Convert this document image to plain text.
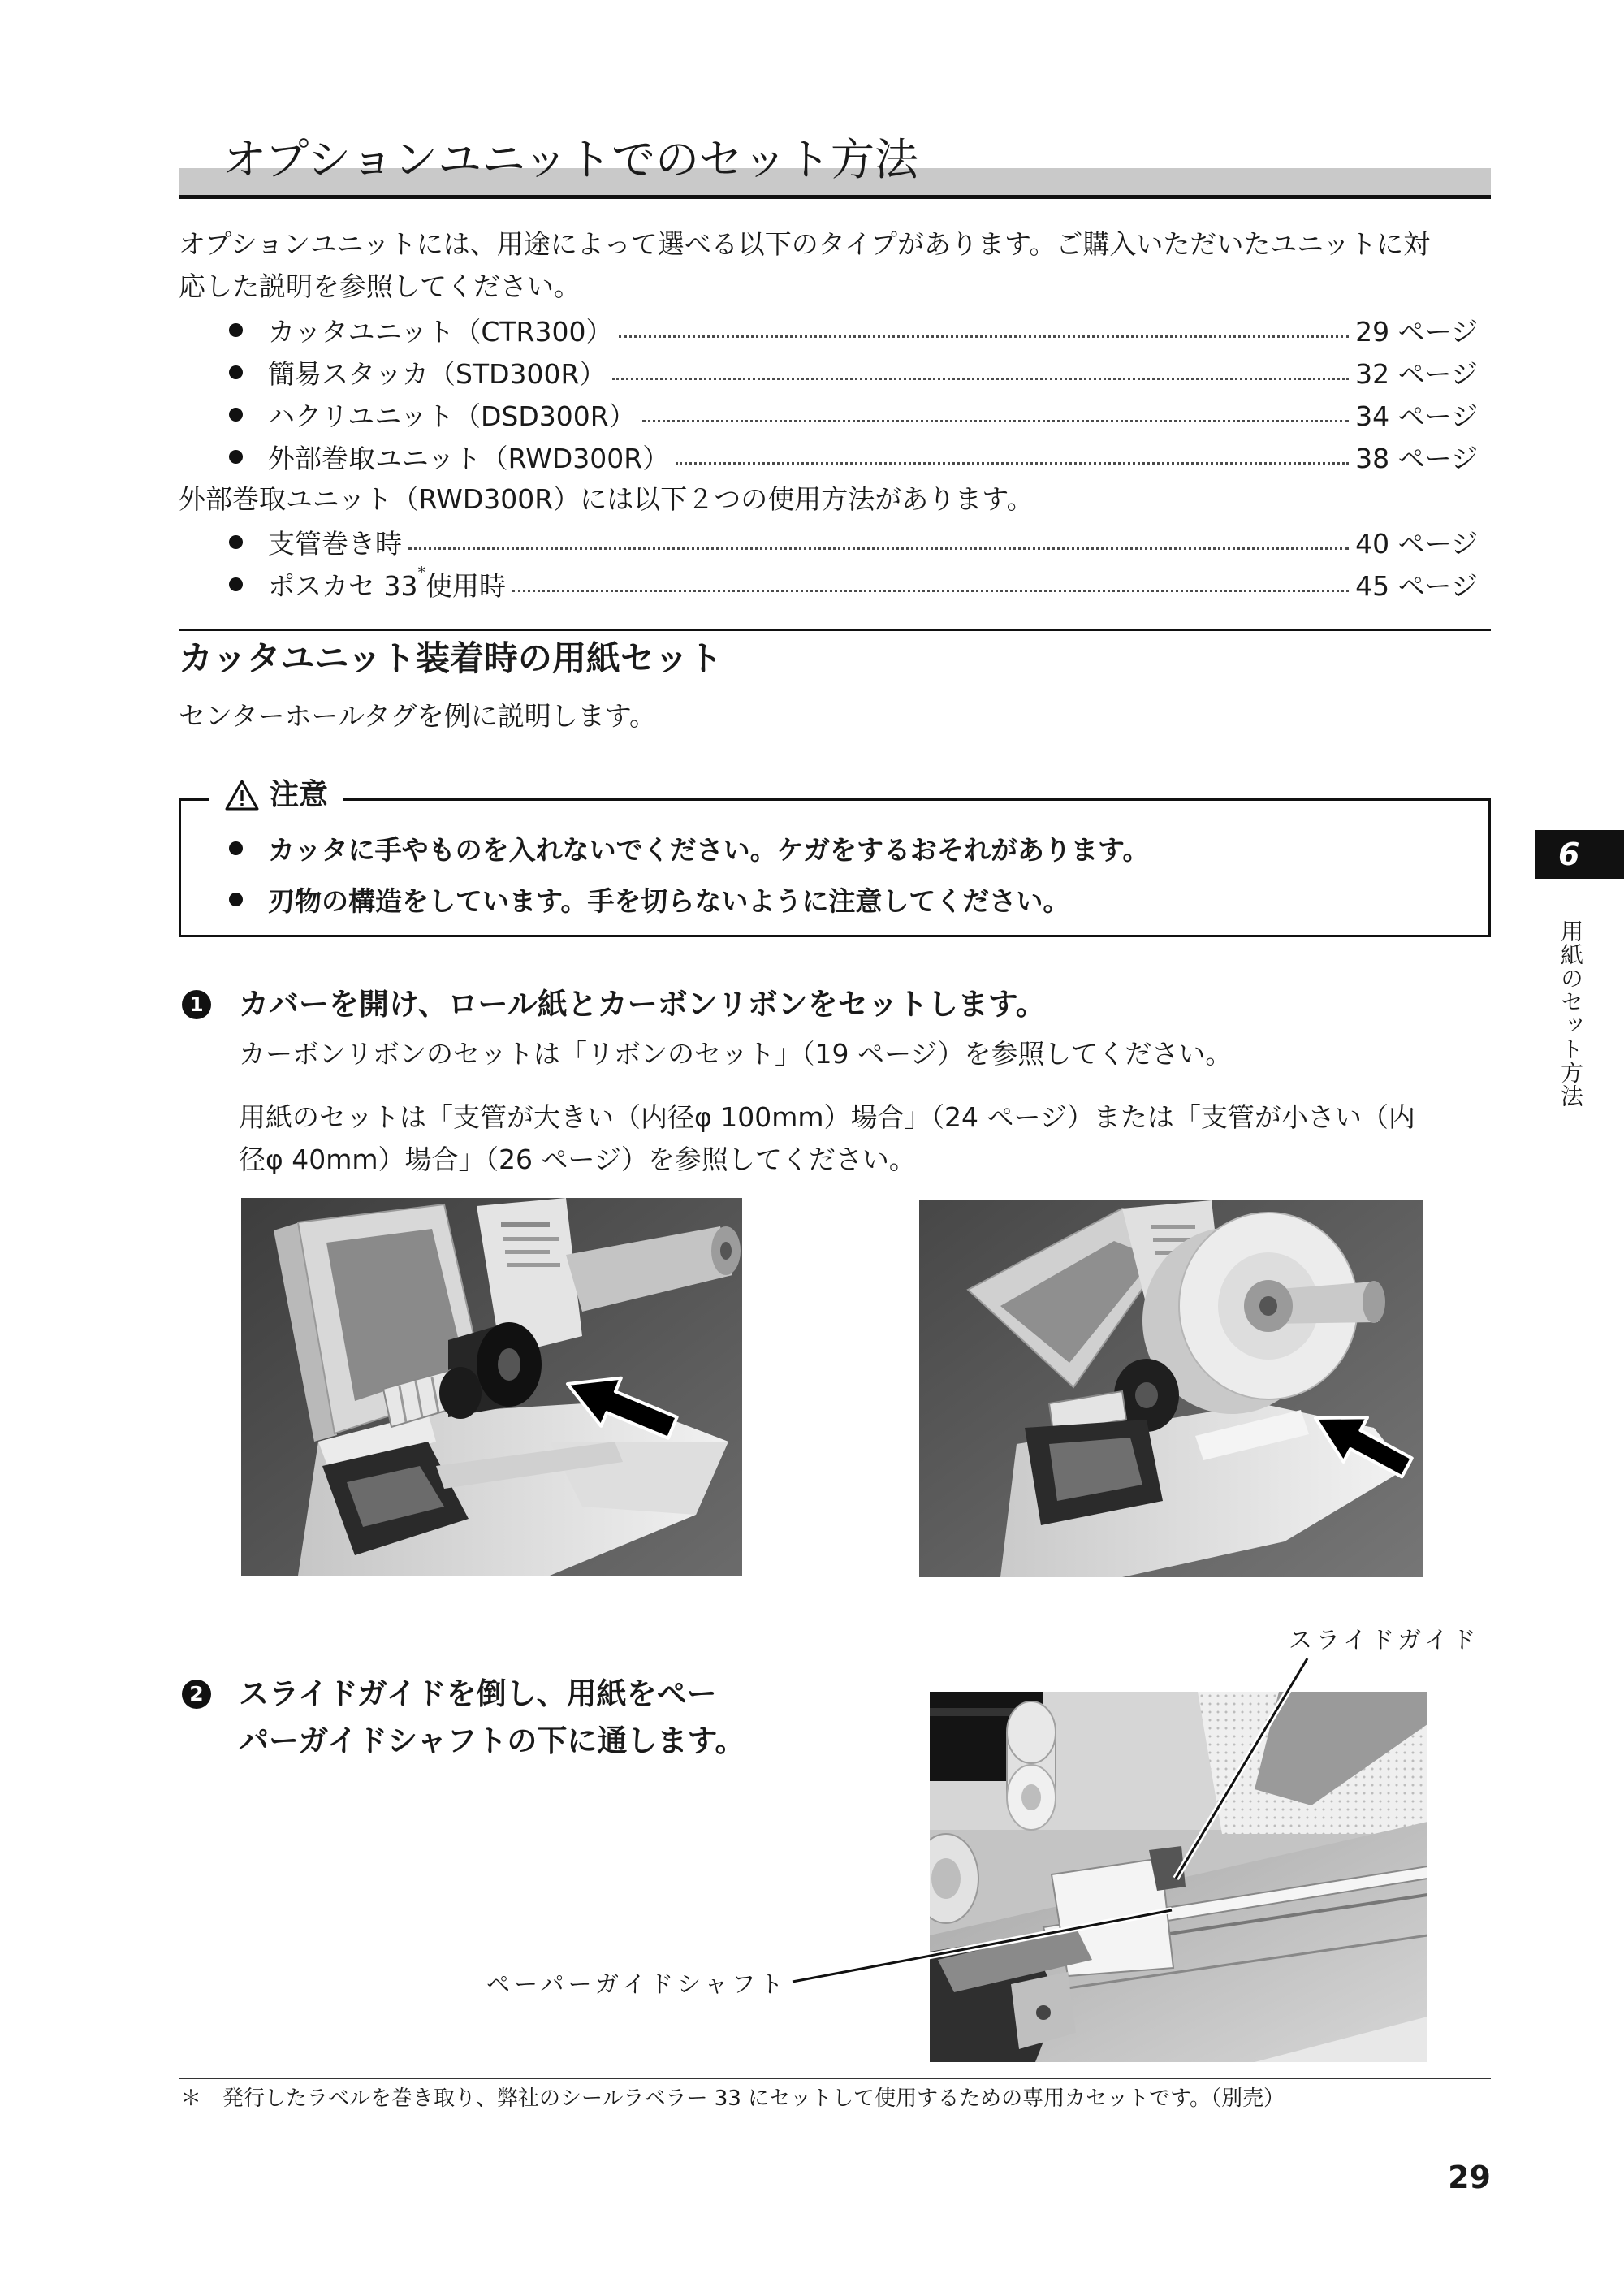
オプションユニットでのセット方法
オプションユニットには、用途によって選べる以下のタイプがあります。ご購入いただいたユニットに対
応した説明を参照してください。
カッタユニット（CTR300）	29 ページ
簡易スタッカ（STD300R）	32 ページ
ハクリユニット（DSD300R）	34 ページ
外部巻取ユニット（RWD300R）	38 ページ
外部巻取ユニット（RWD300R）には以下２つの使用方法があります。
支管巻き時	40 ページ
ポスカセ 33*使用時	45 ページ
カッタユニット装着時の用紙セット
センターホールタグを例に説明します。
注意
カッタに手やものを入れないでください。ケガをするおそれがあります。
刃物の構造をしています。手を切らないように注意してください。
1 カバーを開け、ロール紙とカーボンリボンをセットします。
カーボンリボンのセットは「リボンのセット」（19 ページ）を参照してください。
用紙のセットは「支管が大きい（内径φ 100mm）場合」（24 ページ）または「支管が小さい（内
径φ 40mm）場合」（26 ページ）を参照してください。
スライドガイド
2 スライドガイドを倒し、用紙をペー
パーガイドシャフトの下に通します。
ペーパーガイドシャフト
＊ 発行したラベルを巻き取り、弊社のシールラベラー 33 にセットして使用するための専用カセットです。（別売）
29
6
用紙のセット方法
